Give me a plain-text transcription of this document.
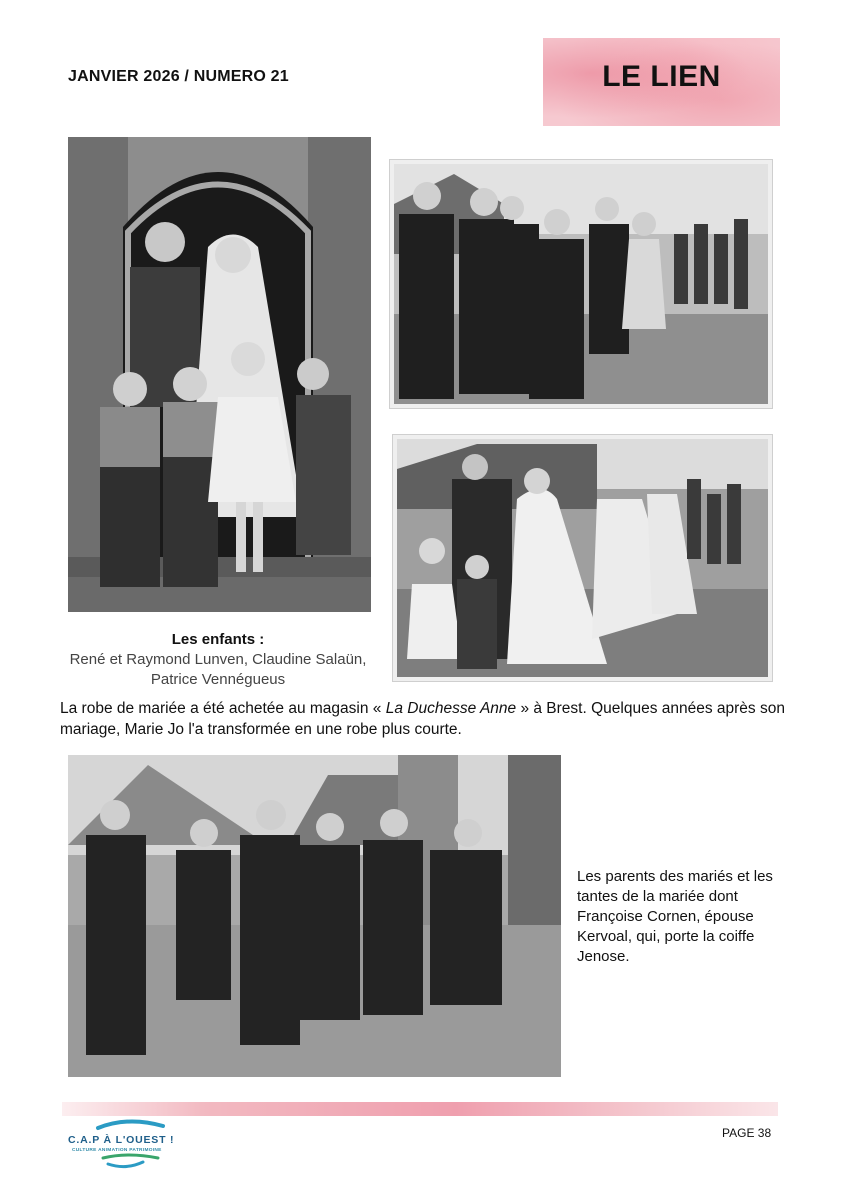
JANVIER 2026 / NUMERO 21	LE LIEN
Les enfants :
René et Raymond Lunven, Claudine Salaün, Patrice Vennégueus
La robe de mariée a été achetée au magasin « La Duchesse Anne » à Brest. Quelques années après son mariage, Marie Jo l'a transformée en une robe plus courte.
Les parents des mariés et les tantes de la mariée dont Françoise Cornen, épouse Kervoal, qui, porte la coiffe Jenose.
C.A.P À L'OUEST !
CULTURE ANIMATION PATRIMOINE
PAGE 38
